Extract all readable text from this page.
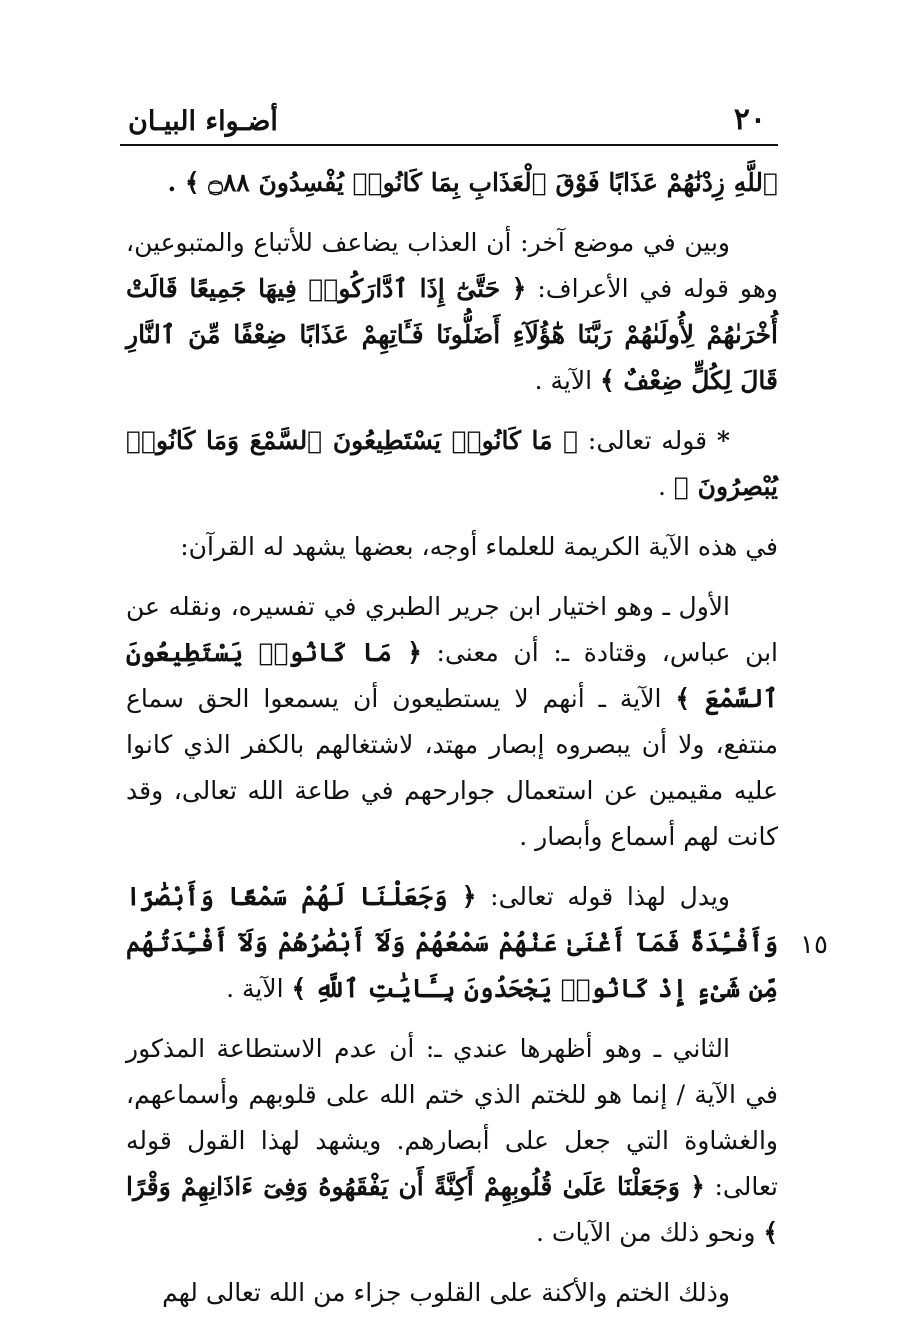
أضـواء البيـان	٢٠
١٥

ٱللَّهِ زِدْنَٰهُمْ عَذَابًا فَوْقَ ٱلْعَذَابِ بِمَا كَانُوا۟ يُفْسِدُونَ ۝٨٨ ﴾ .

وبين في موضع آخر: أن العذاب يضاعف للأتباع والمتبوعين، وهو قوله في الأعراف: ﴿ حَتَّىٰٓ إِذَا ٱدَّارَكُوا۟ فِيهَا جَمِيعًا قَالَتْ أُخْرَىٰهُمْ لِأُولَىٰهُمْ رَبَّنَا هَٰٓؤُلَآءِ أَضَلُّونَا فَـَٔاتِهِمْ عَذَابًا ضِعْفًا مِّنَ ٱلنَّارِ قَالَ لِكُلٍّ ضِعْفٌ ﴾ الآية .

* قوله تعالى: ﴿ مَا كَانُوا۟ يَسْتَطِيعُونَ ٱلسَّمْعَ وَمَا كَانُوا۟ يُبْصِرُونَ ﴾ .

في هذه الآية الكريمة للعلماء أوجه، بعضها يشهد له القرآن:

الأول ـ وهو اختيار ابن جرير الطبري في تفسيره، ونقله عن ابن عباس، وقتادة ـ: أن معنى: ﴿ مَا كَانُوا۟ يَسْتَطِيعُونَ ٱلسَّمْعَ ﴾ الآية ـ أنهم لا يستطيعون أن يسمعوا الحق سماع منتفع، ولا أن يبصروه إبصار مهتد، لاشتغالهم بالكفر الذي كانوا عليه مقيمين عن استعمال جوارحهم في طاعة الله تعالى، وقد كانت لهم أسماع وأبصار .

ويدل لهذا قوله تعالى: ﴿ وَجَعَلْنَا لَهُمْ سَمْعًا وَأَبْصَٰرًا وَأَفْـِٔدَةً فَمَآ أَغْنَىٰ عَنْهُمْ سَمْعُهُمْ وَلَآ أَبْصَٰرُهُمْ وَلَآ أَفْـِٔدَتُهُم مِّن شَىْءٍ إِذْ كَانُوا۟ يَجْحَدُونَ بِـَٔايَٰتِ ٱللَّهِ ﴾ الآية .

الثاني ـ وهو أظهرها عندي ـ: أن عدم الاستطاعة المذكور في الآية / إنما هو للختم الذي ختم الله على قلوبهم وأسماعهم، والغشاوة التي جعل على أبصارهم. ويشهد لهذا القول قوله تعالى: ﴿ وَجَعَلْنَا عَلَىٰ قُلُوبِهِمْ أَكِنَّةً أَن يَفْقَهُوهُ وَفِىٓ ءَاذَانِهِمْ وَقْرًا ﴾ ونحو ذلك من الآيات .

وذلك الختم والأكنة على القلوب جزاء من الله تعالى لهم
